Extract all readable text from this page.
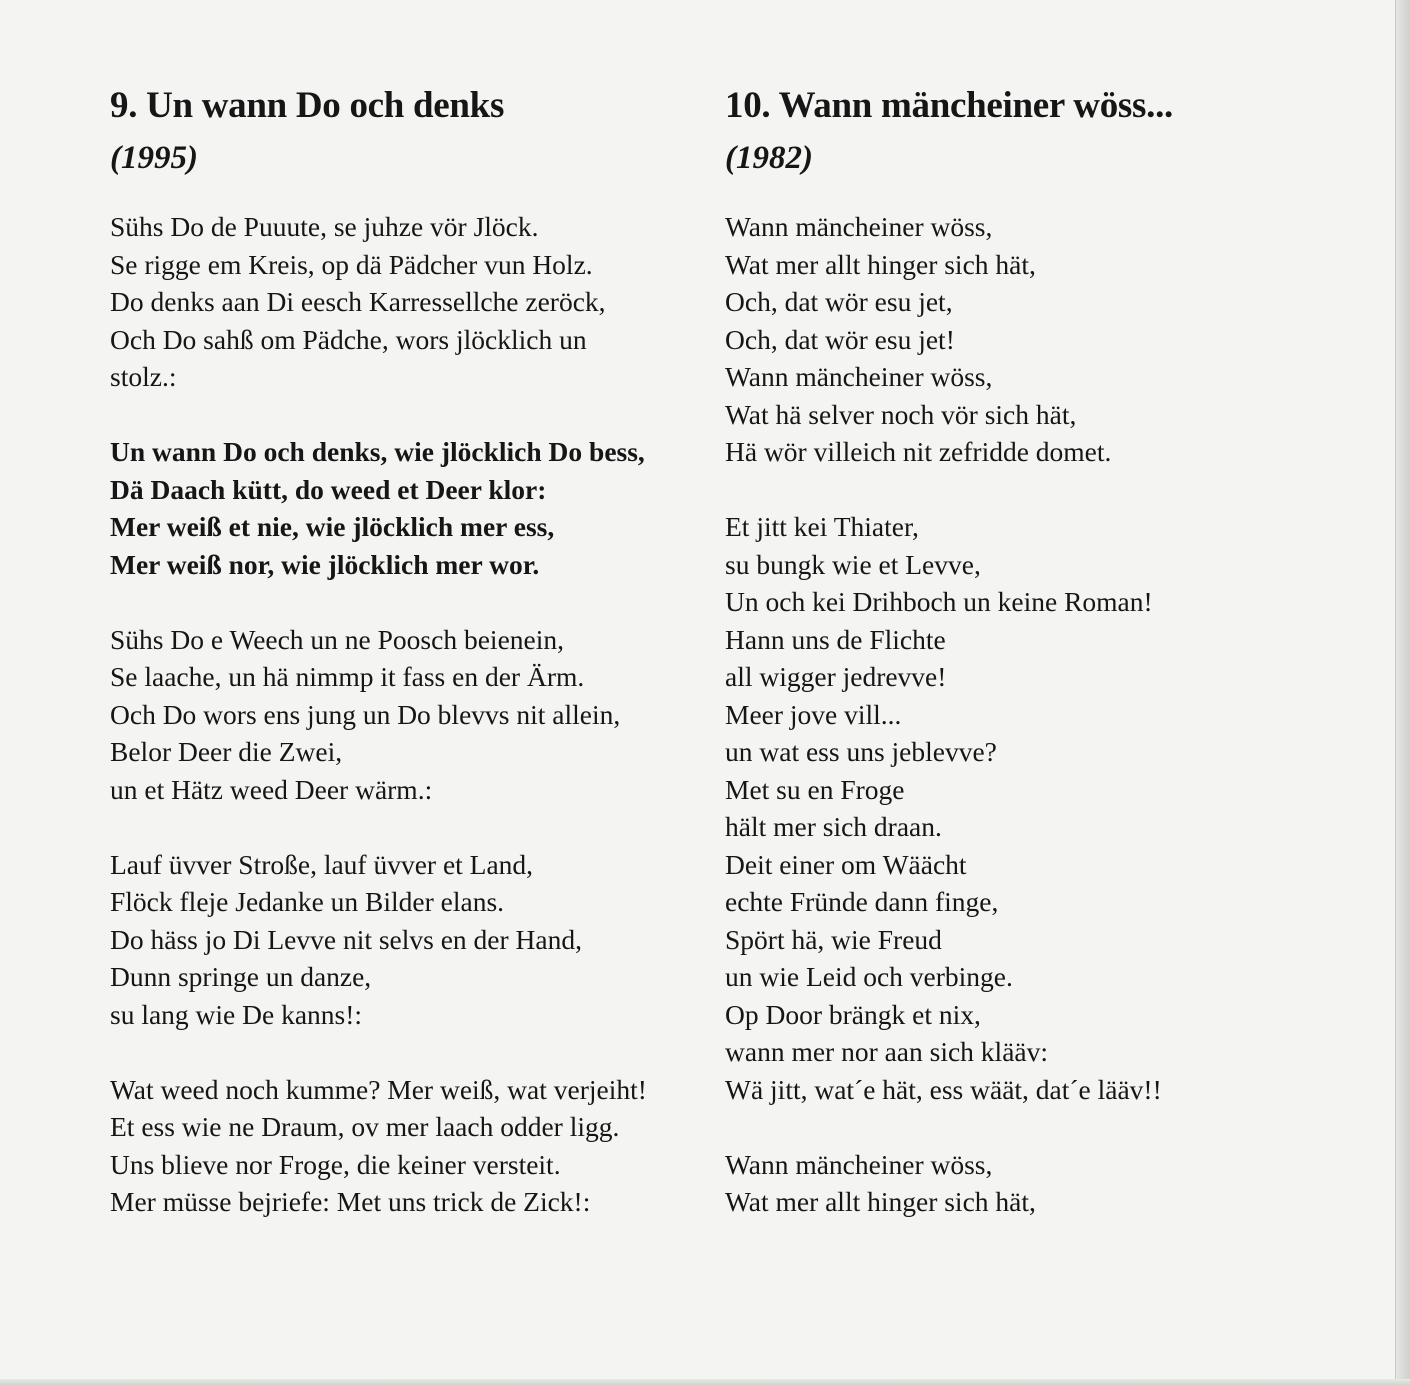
9. Un wann Do och denks
(1995)

Sühs Do de Puuute, se juhze vör Jlöck.
Se rigge em Kreis, op dä Pädcher vun Holz.
Do denks aan Di eesch Karressellche zeröck,
Och Do sahß om Pädche, wors jlöcklich un
stolz.:

Un wann Do och denks, wie jlöcklich Do bess,
Dä Daach kütt, do weed et Deer klor:
Mer weiß et nie, wie jlöcklich mer ess,
Mer weiß nor, wie jlöcklich mer wor.

Sühs Do e Weech un ne Poosch beienein,
Se laache, un hä nimmp it fass en der Ärm.
Och Do wors ens jung un Do blevvs nit allein,
Belor Deer die Zwei,
un et Hätz weed Deer wärm.:

Lauf üvver Stroße, lauf üvver et Land,
Flöck fleje Jedanke un Bilder elans.
Do häss jo Di Levve nit selvs en der Hand,
Dunn springe un danze,
su lang wie De kanns!:

Wat weed noch kumme? Mer weiß, wat verjeiht!
Et ess wie ne Draum, ov mer laach odder ligg.
Uns blieve nor Froge, die keiner versteit.
Mer müsse bejriefe: Met uns trick de Zick!:

10. Wann mäncheiner wöss...
(1982)

Wann mäncheiner wöss,
Wat mer allt hinger sich hät,
Och, dat wör esu jet,
Och, dat wör esu jet!
Wann mäncheiner wöss,
Wat hä selver noch vör sich hät,
Hä wör villeich nit zefridde domet.

Et jitt kei Thiater,
su bungk wie et Levve,
Un och kei Drihboch un keine Roman!
Hann uns de Flichte
all wigger jedrevve!
Meer jove vill...
un wat ess uns jeblevve?
Met su en Froge
hält mer sich draan.
Deit einer om Wäächt
echte Fründe dann finge,
Spört hä, wie Freud
un wie Leid och verbinge.
Op Door brängk et nix,
wann mer nor aan sich klääv:
Wä jitt, wat´e hät, ess wäät, dat´e lääv!!

Wann mäncheiner wöss,
Wat mer allt hinger sich hät,
